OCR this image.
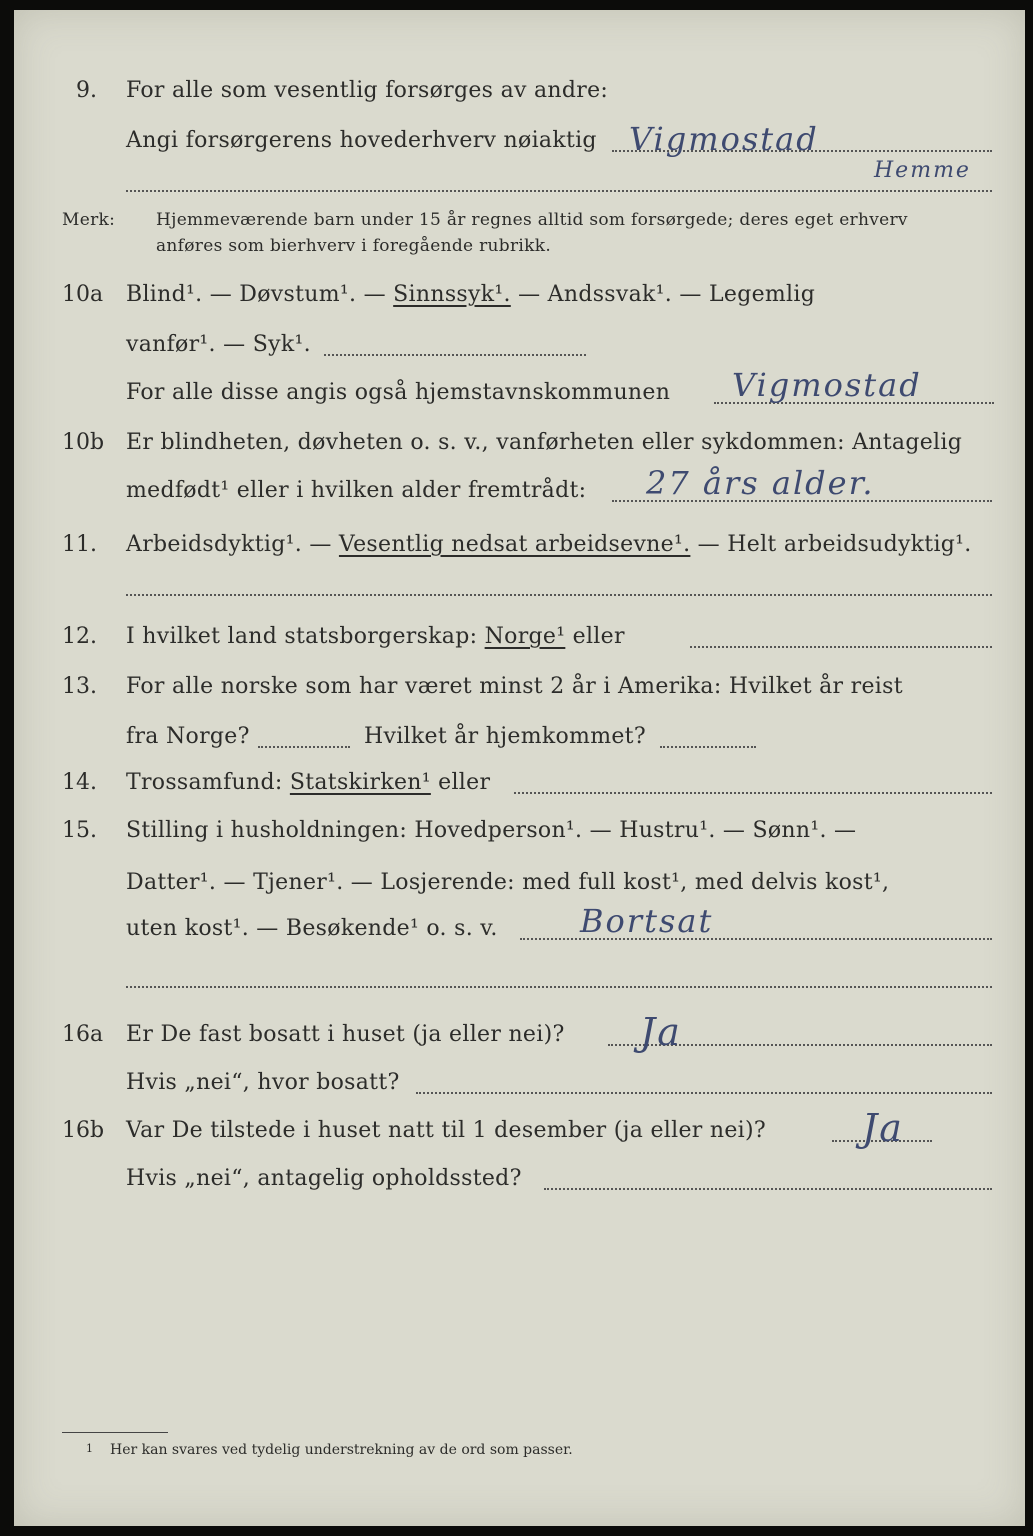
9. For alle som vesentlig forsørges av andre:
Angi forsørgerens hovederhverv nøiaktig Vigmostad
Hemme
Merk: Hjemmeværende barn under 15 år regnes alltid som forsørgede; deres eget erhverv
anføres som bierhverv i foregående rubrikk.
10a Blind¹. — Døvstum¹. — Sinnssyk¹. — Andssvak¹. — Legemlig
vanfør¹. — Syk¹.
For alle disse angis også hjemstavnskommunen Vigmostad
10b Er blindheten, døvheten o. s. v., vanførheten eller sykdommen: Antagelig
medfødt¹ eller i hvilken alder fremtrådt: 27 års alder.
11. Arbeidsdyktig¹. — Vesentlig nedsat arbeidsevne¹. — Helt arbeidsudyktig¹.
12. I hvilket land statsborgerskap: Norge¹ eller
13. For alle norske som har været minst 2 år i Amerika: Hvilket år reist
fra Norge?	Hvilket år hjemkommet?
14. Trossamfund: Statskirken¹ eller
15. Stilling i husholdningen: Hovedperson¹. — Hustru¹. — Sønn¹. —
Datter¹. — Tjener¹. — Losjerende: med full kost¹, med delvis kost¹,
uten kost¹. — Besøkende¹ o. s. v.	Bortsat
16a Er De fast bosatt i huset (ja eller nei)? Ja
Hvis „nei“, hvor bosatt?
16b Var De tilstede i huset natt til 1 desember (ja eller nei)?	Ja
Hvis „nei“, antagelig opholdssted?
1 Her kan svares ved tydelig understrekning av de ord som passer.
